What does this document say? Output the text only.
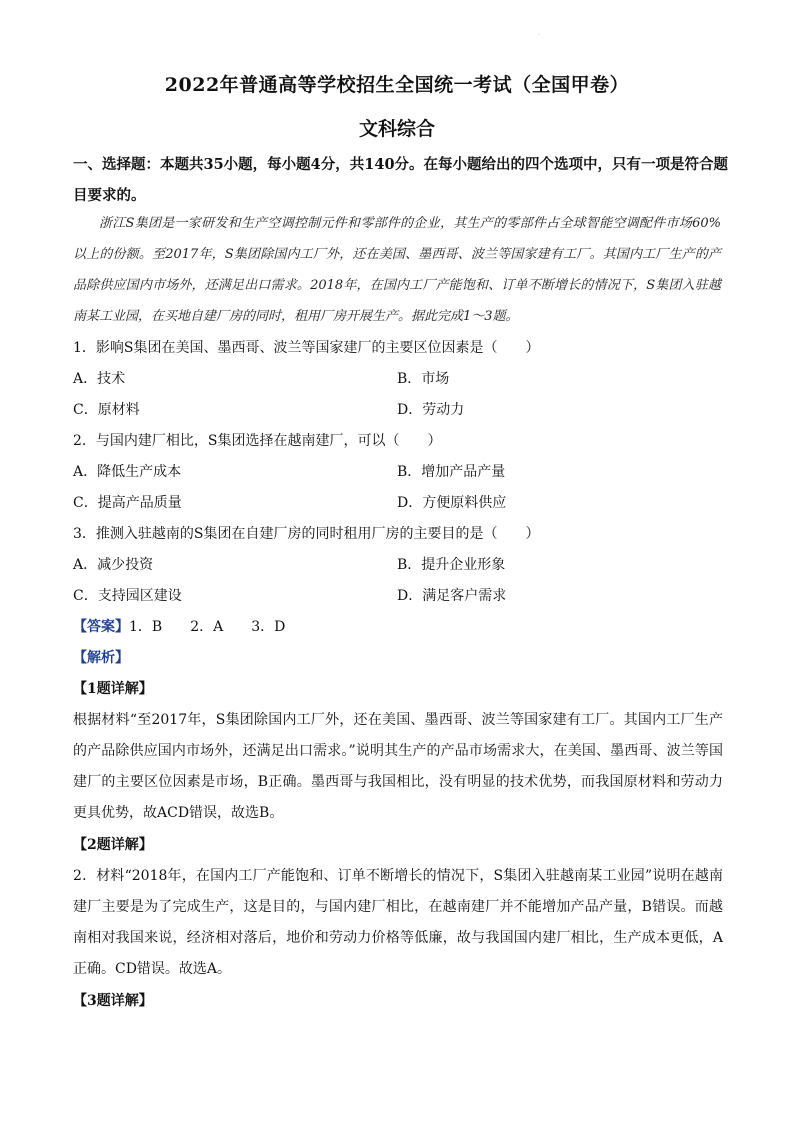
·
2022年普通高等学校招生全国统一考试（全国甲卷）
文科综合
一、选择题：本题共35小题，每小题4分，共140分。在每小题给出的四个选项中，只有一项是符合题目要求的。

浙江S集团是一家研发和生产空调控制元件和零部件的企业，其生产的零部件占全球智能空调配件市场60%以上的份额。至2017年，S集团除国内工厂外，还在美国、墨西哥、波兰等国家建有工厂。其国内工厂生产的产品除供应国内市场外，还满足出口需求。2018年，在国内工厂产能饱和、订单不断增长的情况下，S集团入驻越南某工业园，在买地自建厂房的同时，租用厂房开展生产。据此完成1～3题。

1．影响S集团在美国、墨西哥、波兰等国家建厂的主要区位因素是（　　）
A．技术	B．市场
C．原材料	D．劳动力
2．与国内建厂相比，S集团选择在越南建厂，可以（　　）
A．降低生产成本	B．增加产品产量
C．提高产品质量	D．方便原料供应
3．推测入驻越南的S集团在自建厂房的同时租用厂房的主要目的是（　　）
A．减少投资	B．提升企业形象
C．支持园区建设	D．满足客户需求
【答案】1．B 2．A 3．D
【解析】
【1题详解】

根据材料“至2017年，S集团除国内工厂外，还在美国、墨西哥、波兰等国家建有工厂。其国内工厂生产的产品除供应国内市场外，还满足出口需求。”说明其生产的产品市场需求大，在美国、墨西哥、波兰等国建厂的主要区位因素是市场，B正确。墨西哥与我国相比，没有明显的技术优势，而我国原材料和劳动力更具优势，故ACD错误，故选B。

【2题详解】

2．材料“2018年，在国内工厂产能饱和、订单不断增长的情况下，S集团入驻越南某工业园”说明在越南建厂主要是为了完成生产，这是目的，与国内建厂相比，在越南建厂并不能增加产品产量，B错误。而越南相对我国来说，经济相对落后，地价和劳动力价格等低廉，故与我国国内建厂相比，生产成本更低，A正确。CD错误。故选A。

【3题详解】
